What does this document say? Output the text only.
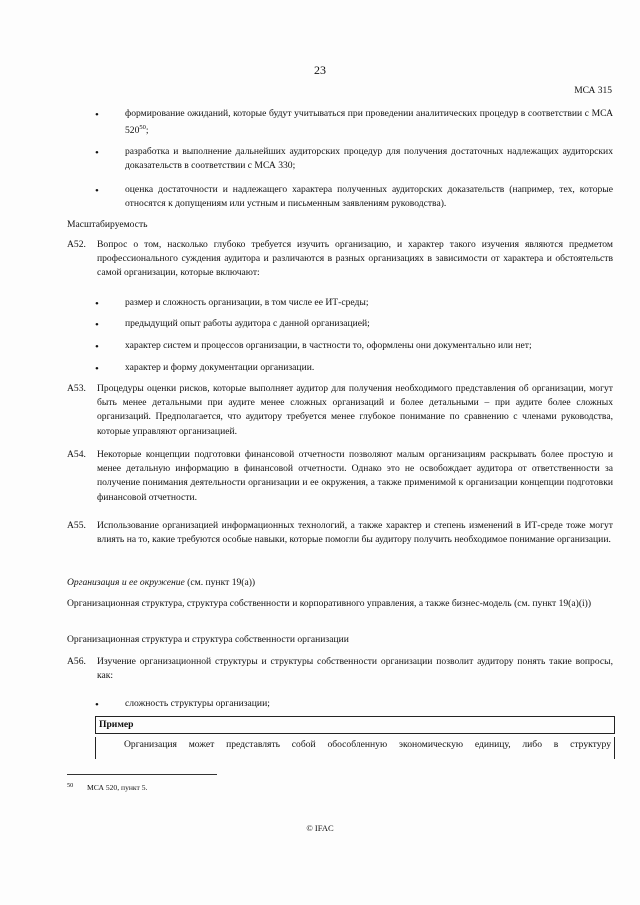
23
МСА 315
•	формирование ожиданий, которые будут учитываться при проведении аналитических процедур в соответствии с МСА $520^{50}$;
•	разработка и выполнение дальнейших аудиторских процедур для получения достаточных надлежащих аудиторских доказательств в соответствии с МСА 330;
•	оценка достаточности и надлежащего характера полученных аудиторских доказательств (например, тех, которые относятся к допущениям или устным и письменным заявлениям руководства).
Масштабируемость
A52. Вопрос о том, насколько глубоко требуется изучить организацию, и характер такого изучения являются предметом профессионального суждения аудитора и различаются в разных организациях в зависимости от характера и обстоятельств самой организации, которые включают:
•	размер и сложность организации, в том числе ее ИТ-среды;
•	предыдущий опыт работы аудитора с данной организацией;
•	характер систем и процессов организации, в частности то, оформлены они документально или нет;
•	характер и форму документации организации.
A53. Процедуры оценки рисков, которые выполняет аудитор для получения необходимого представления об организации, могут быть менее детальными при аудите менее сложных организаций и более детальными – при аудите более сложных организаций. Предполагается, что аудитору требуется менее глубокое понимание по сравнению с членами руководства, которые управляют организацией.
A54. Некоторые концепции подготовки финансовой отчетности позволяют малым организациям раскрывать более простую и менее детальную информацию в финансовой отчетности. Однако это не освобождает аудитора от ответственности за получение понимания деятельности организации и ее окружения, а также применимой к организации концепции подготовки финансовой отчетности.
A55. Использование организацией информационных технологий, а также характер и степень изменений в ИТ-среде тоже могут влиять на то, какие требуются особые навыки, которые помогли бы аудитору получить необходимое понимание организации.
Организация и ее окружение (см. пункт 19(a))
Организационная структура, структура собственности и корпоративного управления, а также бизнес-модель (см. пункт 19(a)(i))
Организационная структура и структура собственности организации
A56. Изучение организационной структуры и структуры собственности организации позволит аудитору понять такие вопросы, как:
•	сложность структуры организации;
Пример
Организация может представлять собой обособленную экономическую единицу, либо в структуру
$^{50}$ МСА 520, пункт 5.
© IFAC
